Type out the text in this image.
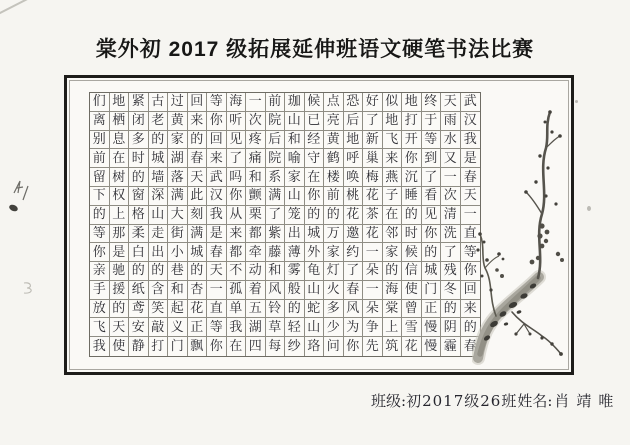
棠外初 2017 级拓展延伸班语文硬笔书法比赛
们 地 紧 古 过 回 等 海 一 前 珈 候 点 恐 好 似 地 终 天 武
离 栖 闭 老 黄 来 你 听 次 院 山 已 亮 后 了 地 打 于 雨 汉
别 息 多 的 家 的 回 见 疼 后 和 经 黄 地 新 飞 开 等 水 我
前 在 时 城 湖 春 来 了 痛 院 喻 守 鹤 呼 巢 来 你 到 又 是
留 树 的 墙 落 天 武 吗 和 系 家 在 楼 唤 梅 燕 沉 了 一 春
下 权 窗 深 满 此 汉 你 颤 满 山 你 前 桃 花 子 睡 看 次 天
的 上 格 山 大 刻 我 从 栗 了 笼 的 的 花 茶 在 的 见 清 一
等 那 柔 走 街 满 是 来 都 紫 出 城 万 邀 花 邻 时 你 洗 直
你 是 白 出 小 城 春 都 牵 藤 薄 外 家 约 一 家 候 的 了 等
亲 驰 的 的 巷 的 天 不 动 和 雾 龟 灯 了 朵 的 信 城 残 你
手 援 纸 含 和 杏 一 孤 着 风 般 山 火 春 一 海 使 门 冬 回
放 的 鸢 笑 起 花 直 单 五 铃 的 蛇 多 风 朵 棠 曾 正 的 来
飞 天 安 敲 义 正 等 我 湖 草 轻 山 少 为 争 上 雪 慢 阴 的
我 使 静 打 门 飘 你 在 四 每 纱 珞 问 你 先 筑 花 慢 霾 春
班级:初2017级26班姓名: 肖靖唯
